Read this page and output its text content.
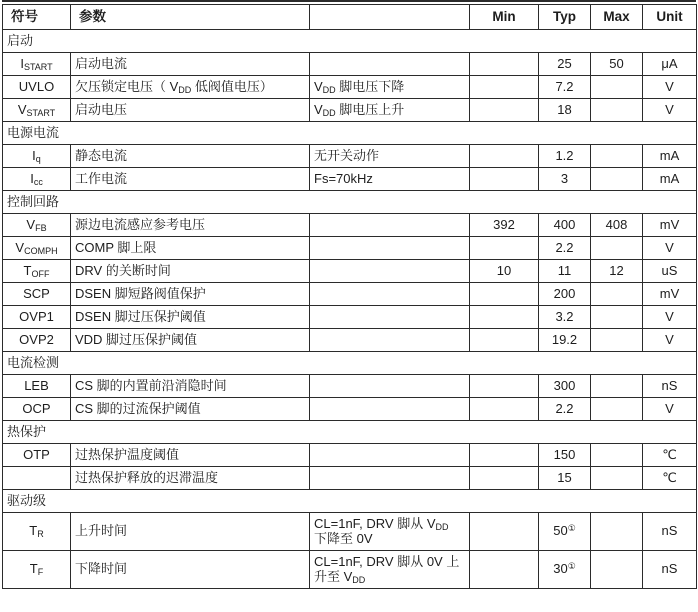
符号	参数		Min	Typ	Max	Unit
启动						
$I_{START}$	启动电流			25	50	μA
UVLO	欠压锁定电压（ $V_{DD}$ 低阀值电压）	$V_{DD}$ 脚电压下降		7.2		V
$V_{START}$	启动电压	$V_{DD}$ 脚电压上升		18		V
电源电流						
$I_q$	静态电流	无开关动作		1.2		mA
$I_{cc}$	工作电流	Fs=70kHz		3		mA
控制回路						
$V_{FB}$	源边电流感应参考电压		392	400	408	mV
$V_{COMPH}$	COMP 脚上限			2.2		V
$T_{OFF}$	DRV 的关断时间		10	11	12	uS
SCP	DSEN 脚短路阀值保护			200		mV
OVP1	DSEN 脚过压保护阈值			3.2		V
OVP2	VDD 脚过压保护阈值			19.2		V
电流检测						
LEB	CS 脚的内置前沿消隐时间			300		nS
OCP	CS 脚的过流保护阈值			2.2		V
热保护						
OTP	过热保护温度阈值			150		℃
	过热保护释放的迟滞温度			15		℃
驱动级						
$T_R$	上升时间	CL=1nF, DRV 脚从 $V_{DD}$ 下降至 0V		50①		nS
$T_F$	下降时间	CL=1nF, DRV 脚从 0V 上升至 $V_{DD}$		30①		nS
